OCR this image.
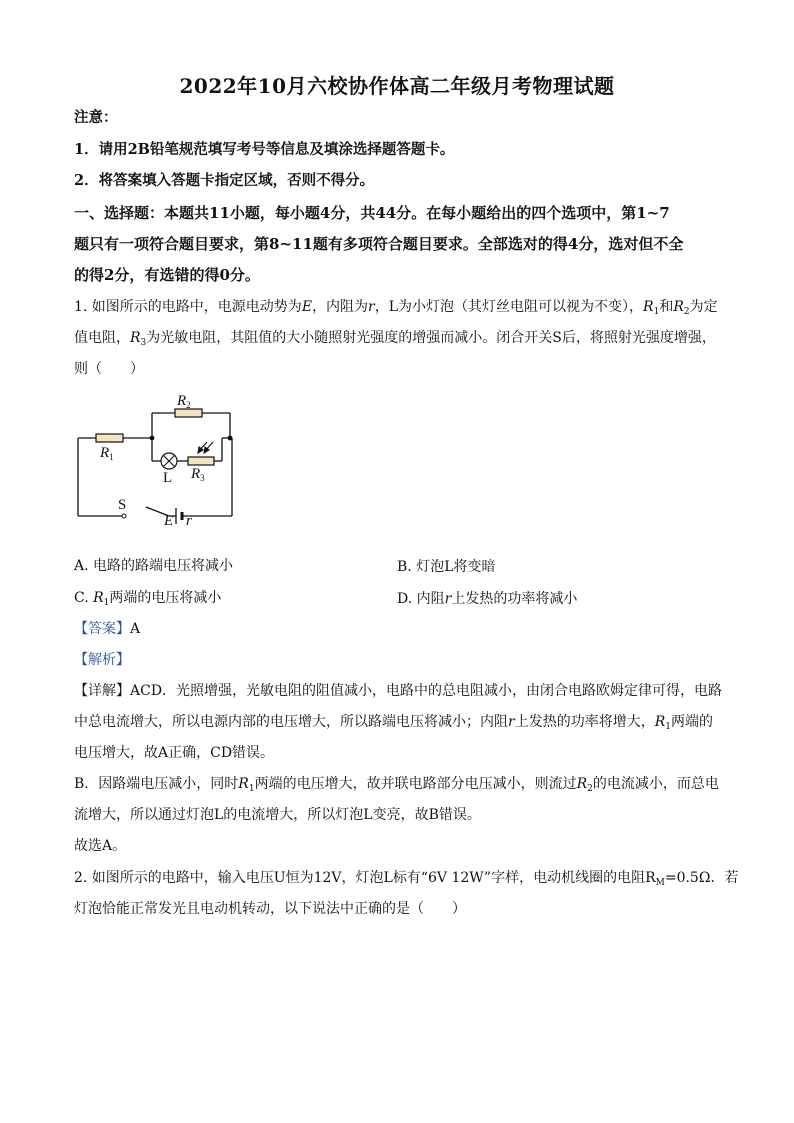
2022年10月六校协作体高二年级月考物理试题
注意：
1．请用2B铅笔规范填写考号等信息及填涂选择题答题卡。
2．将答案填入答题卡指定区域，否则不得分。
一、选择题：本题共11小题，每小题4分，共44分。在每小题给出的四个选项中，第1~7
题只有一项符合题目要求，第8~11题有多项符合题目要求。全部选对的得4分，选对但不全
的得2分，有选错的得0分。
1. 如图所示的电路中，电源电动势为E，内阻为r，L为小灯泡（其灯丝电阻可以视为不变），$R_1$和$R_2$为定
值电阻，$R_3$为光敏电阻，其阻值的大小随照射光强度的增强而减小。闭合开关S后，将照射光强度增强，
则（　　）
$R_2$
$R_1$
L $R_3$
S
E r
A. 电路的路端电压将减小	B. 灯泡L将变暗
C. $R_1$两端的电压将减小	D. 内阻r上发热的功率将减小
【答案】A
【解析】
【详解】ACD．光照增强，光敏电阻的阻值减小，电路中的总电阻减小，由闭合电路欧姆定律可得，电路
中总电流增大，所以电源内部的电压增大，所以路端电压将减小；内阻r上发热的功率将增大，$R_1$两端的
电压增大，故A正确，CD错误。
B．因路端电压减小，同时$R_1$两端的电压增大，故并联电路部分电压减小，则流过$R_2$的电流减小，而总电
流增大，所以通过灯泡L的电流增大，所以灯泡L变亮，故B错误。
故选A。
2. 如图所示的电路中，输入电压U恒为12V，灯泡L标有“6V 12W”字样，电动机线圈的电阻$R_M=0.5\Omega$．若
灯泡恰能正常发光且电动机转动，以下说法中正确的是（　　）
